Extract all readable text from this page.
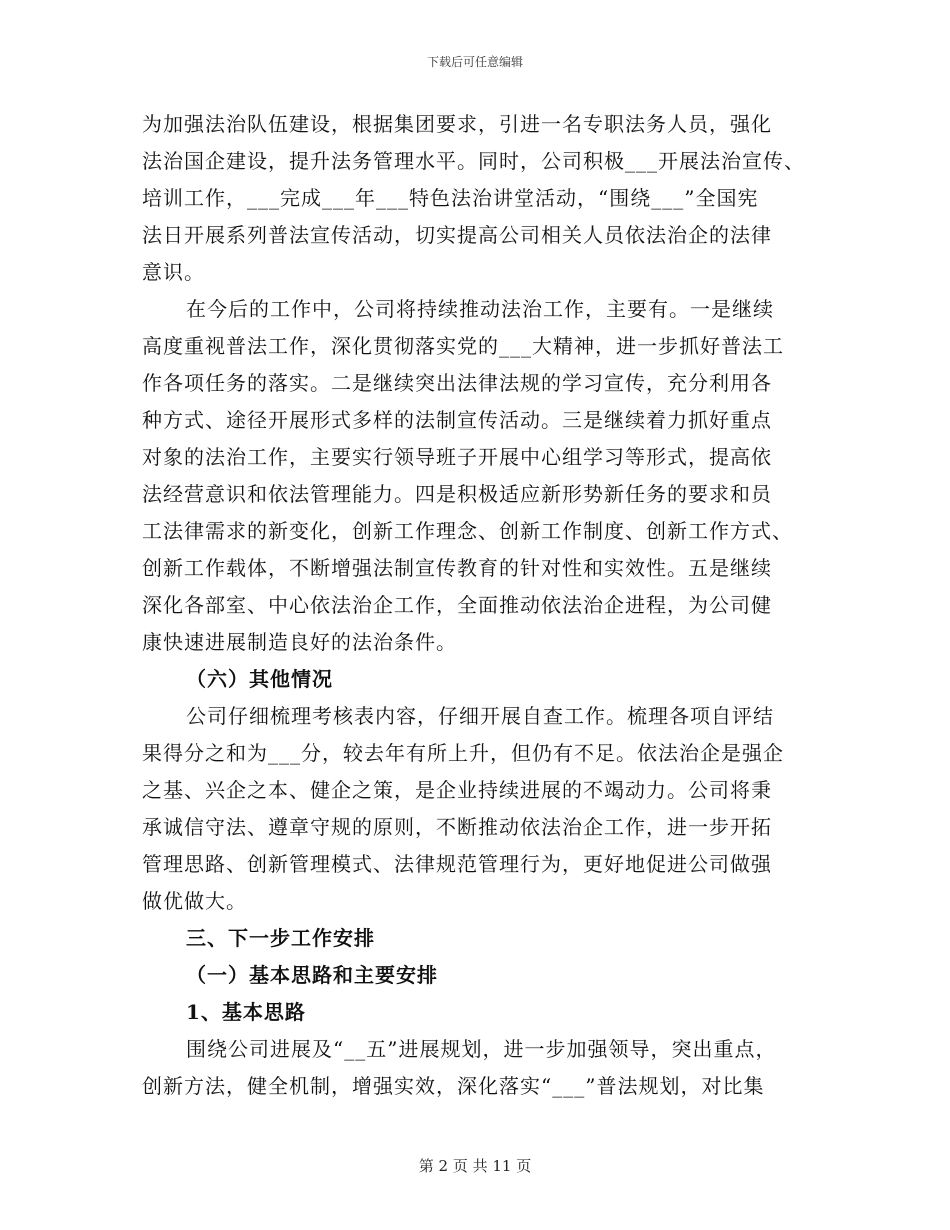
下载后可任意编辑
为加强法治队伍建设，根据集团要求，引进一名专职法务人员，强化
法治国企建设，提升法务管理水平。同时，公司积极___开展法治宣传、
培训工作，___完成___年___特色法治讲堂活动，“围绕___”全国宪
法日开展系列普法宣传活动，切实提高公司相关人员依法治企的法律
意识。
在今后的工作中，公司将持续推动法治工作，主要有。一是继续
高度重视普法工作，深化贯彻落实党的___大精神，进一步抓好普法工
作各项任务的落实。二是继续突出法律法规的学习宣传，充分利用各
种方式、途径开展形式多样的法制宣传活动。三是继续着力抓好重点
对象的法治工作，主要实行领导班子开展中心组学习等形式，提高依
法经营意识和依法管理能力。四是积极适应新形势新任务的要求和员
工法律需求的新变化，创新工作理念、创新工作制度、创新工作方式、
创新工作载体，不断增强法制宣传教育的针对性和实效性。五是继续
深化各部室、中心依法治企工作，全面推动依法治企进程，为公司健
康快速进展制造良好的法治条件。
（六）其他情况
公司仔细梳理考核表内容，仔细开展自查工作。梳理各项自评结
果得分之和为___分，较去年有所上升，但仍有不足。依法治企是强企
之基、兴企之本、健企之策，是企业持续进展的不竭动力。公司将秉
承诚信守法、遵章守规的原则，不断推动依法治企工作，进一步开拓
管理思路、创新管理模式、法律规范管理行为，更好地促进公司做强
做优做大。
三、下一步工作安排
（一）基本思路和主要安排
1、基本思路
围绕公司进展及“__五”进展规划，进一步加强领导，突出重点，
创新方法，健全机制，增强实效，深化落实“___”普法规划，对比集
第 2 页 共 11 页
